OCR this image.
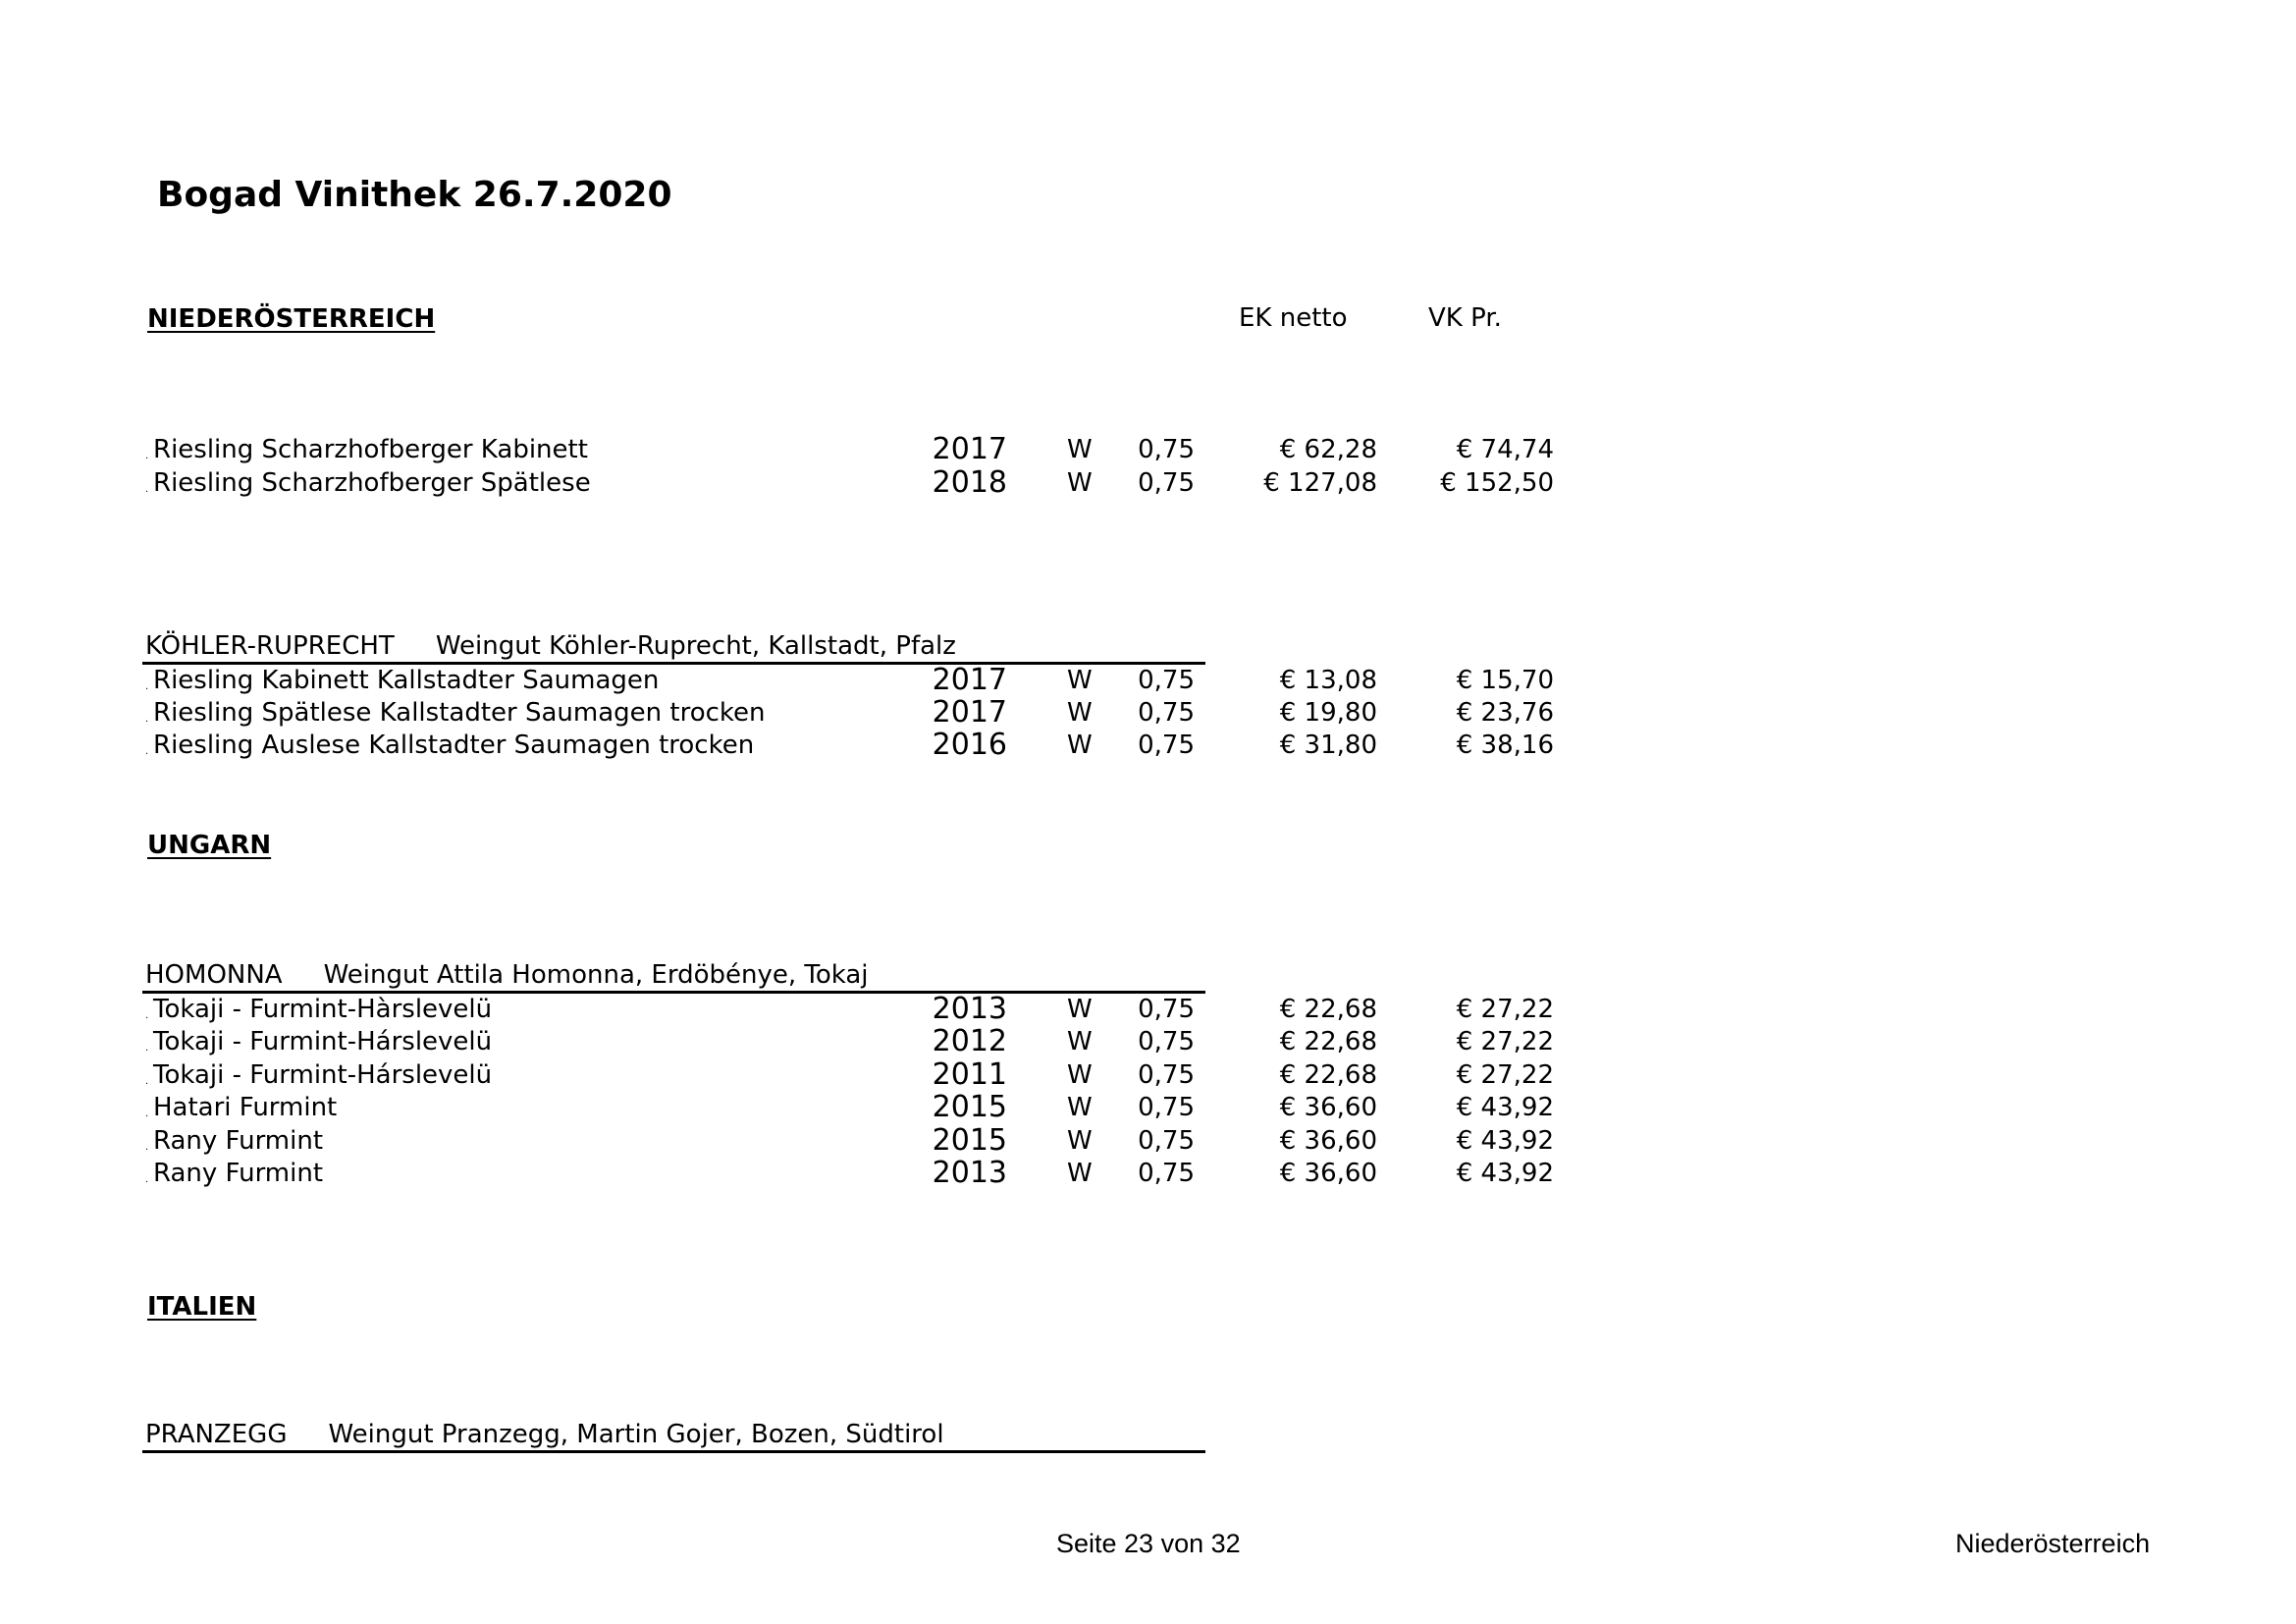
Bogad Vinithek 26.7.2020
NIEDERÖSTERREICH	EK netto	VK Pr.
. Riesling Scharzhofberger Kabinett	2017 W 0,75	€ 62,28	€ 74,74
. Riesling Scharzhofberger Spätlese	2018 W 0,75	€ 127,08 € 152,50
KÖHLER-RUPRECHT Weingut Köhler-Ruprecht, Kallstadt, Pfalz
. Riesling Kabinett Kallstadter Saumagen	2017 W 0,75	€ 13,08	€ 15,70
. Riesling Spätlese Kallstadter Saumagen trocken	2017 W 0,75	€ 19,80	€ 23,76
. Riesling Auslese Kallstadter Saumagen trocken	2016 W 0,75	€ 31,80	€ 38,16
UNGARN
HOMONNA Weingut Attila Homonna, Erdöbénye, Tokaj
. Tokaji - Furmint-Hàrslevelü	2013 W 0,75	€ 22,68	€ 27,22
. Tokaji - Furmint-Hárslevelü	2012 W 0,75	€ 22,68	€ 27,22
. Tokaji - Furmint-Hárslevelü	2011 W 0,75	€ 22,68	€ 27,22
. Hatari Furmint	2015 W 0,75	€ 36,60	€ 43,92
. Rany Furmint	2015 W 0,75	€ 36,60	€ 43,92
. Rany Furmint	2013 W 0,75	€ 36,60	€ 43,92
ITALIEN
PRANZEGG Weingut Pranzegg, Martin Gojer, Bozen, Südtirol
Seite 23 von 32	Niederösterreich
